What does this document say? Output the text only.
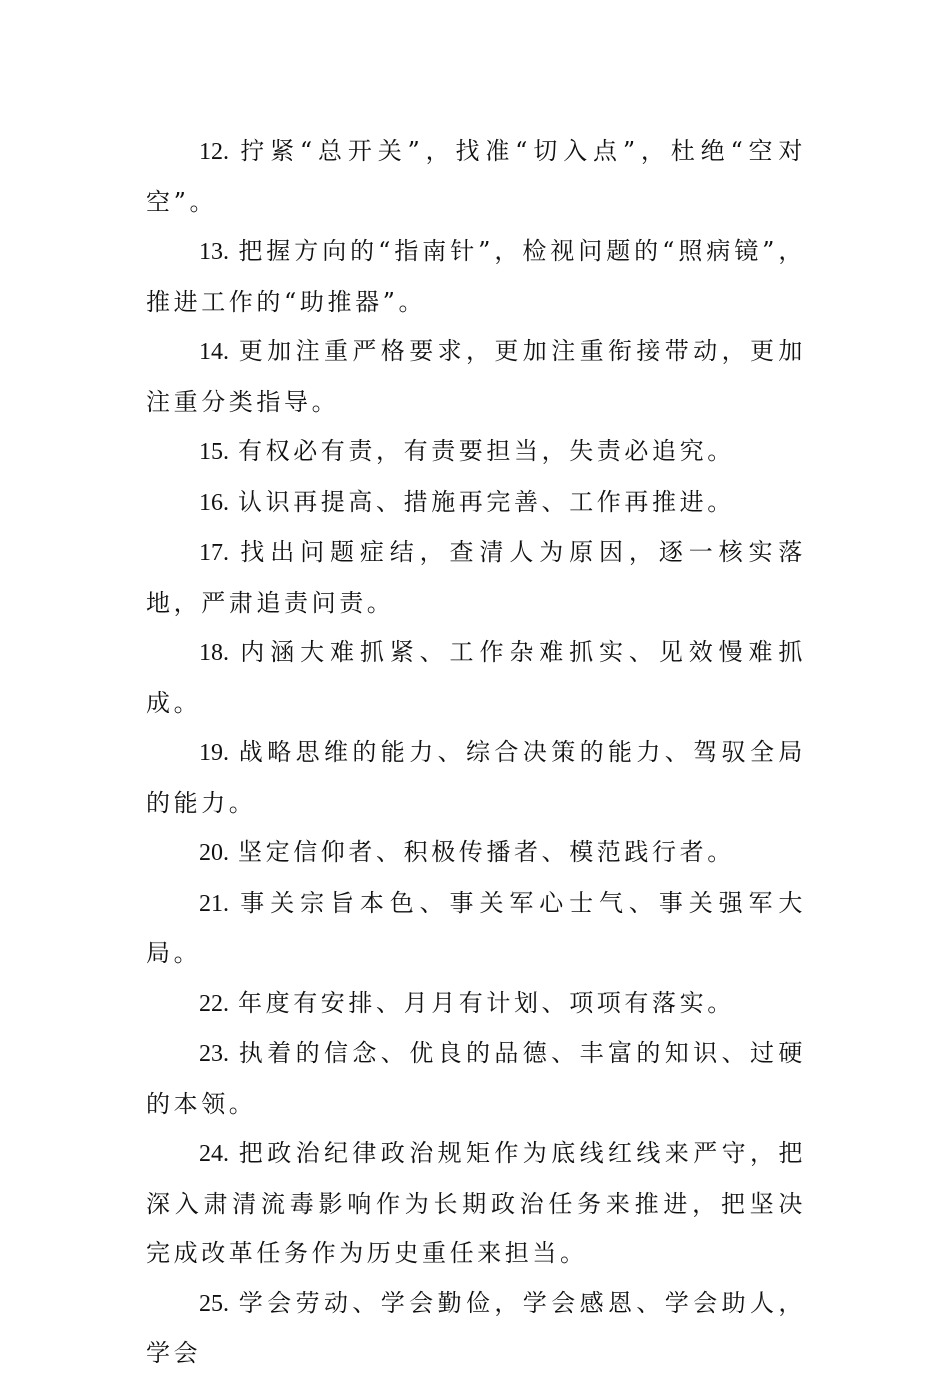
12. 拧紧“总开关”，找准“切入点”，杜绝“空对空”。

13. 把握方向的“指南针”，检视问题的“照病镜”，推进工作的“助推器”。

14. 更加注重严格要求，更加注重衔接带动，更加注重分类指导。

15. 有权必有责，有责要担当，失责必追究。

16. 认识再提高、措施再完善、工作再推进。

17. 找出问题症结，查清人为原因，逐一核实落地，严肃追责问责。

18. 内涵大难抓紧、工作杂难抓实、见效慢难抓成。

19. 战略思维的能力、综合决策的能力、驾驭全局的能力。

20. 坚定信仰者、积极传播者、模范践行者。

21. 事关宗旨本色、事关军心士气、事关强军大局。

22. 年度有安排、月月有计划、项项有落实。

23. 执着的信念、优良的品德、丰富的知识、过硬的本领。

24. 把政治纪律政治规矩作为底线红线来严守，把深入肃清流毒影响作为长期政治任务来推进，把坚决完成改革任务作为历史重任来担当。

25. 学会劳动、学会勤俭，学会感恩、学会助人，学会
